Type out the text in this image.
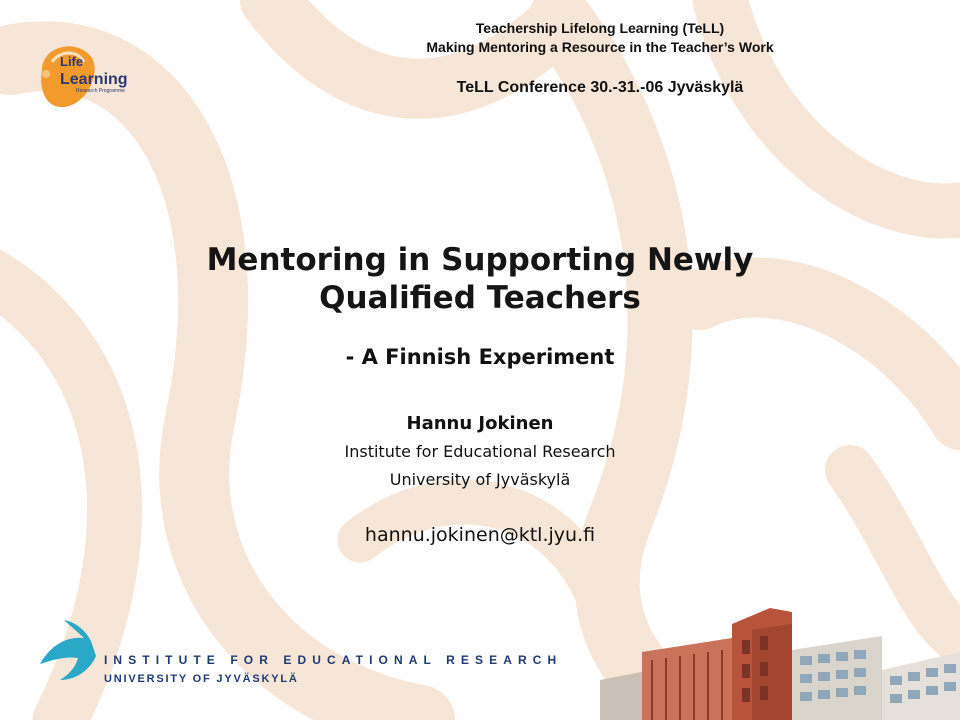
Teachership Lifelong Learning (TeLL)
Making Mentoring a Resource in the Teacher’s Work
TeLL Conference 30.-31.-06 Jyväskylä
Life
Learning
Research Programme
Mentoring in Supporting Newly
Qualified Teachers
- A Finnish Experiment
Hannu Jokinen
Institute for Educational Research
University of Jyväskylä
hannu.jokinen@ktl.jyu.fi
INSTITUTE FOR EDUCATIONAL RESEARCH
UNIVERSITY OF JYVÄSKYLÄ
